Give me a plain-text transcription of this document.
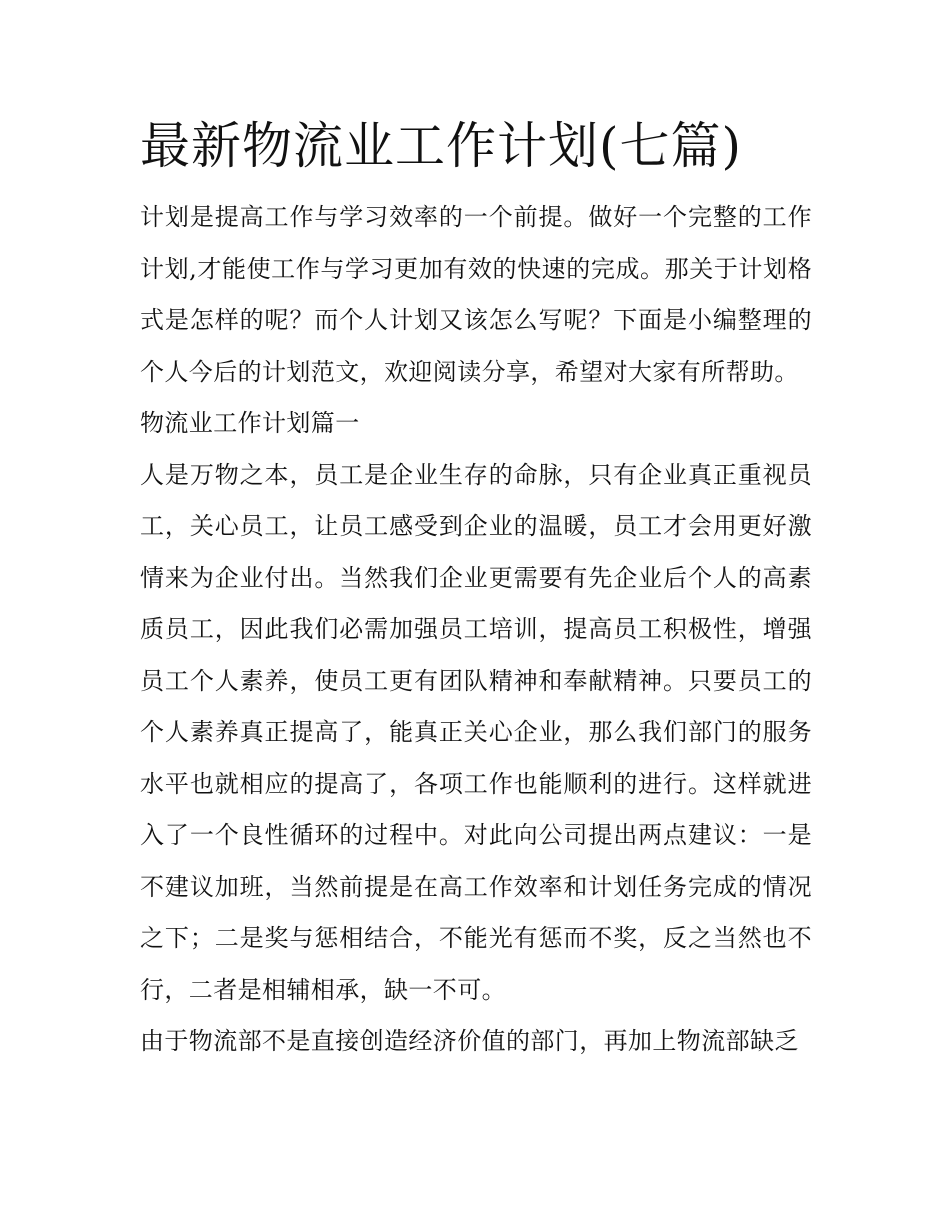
最新物流业工作计划(七篇)

计划是提高工作与学习效率的一个前提。做好一个完整的工作计划,才能使工作与学习更加有效的快速的完成。那关于计划格式是怎样的呢？而个人计划又该怎么写呢？下面是小编整理的个人今后的计划范文，欢迎阅读分享，希望对大家有所帮助。

物流业工作计划篇一

人是万物之本，员工是企业生存的命脉，只有企业真正重视员工，关心员工，让员工感受到企业的温暖，员工才会用更好激情来为企业付出。当然我们企业更需要有先企业后个人的高素质员工，因此我们必需加强员工培训，提高员工积极性，增强员工个人素养，使员工更有团队精神和奉献精神。只要员工的个人素养真正提高了，能真正关心企业，那么我们部门的服务水平也就相应的提高了，各项工作也能顺利的进行。这样就进入了一个良性循环的过程中。对此向公司提出两点建议：一是不建议加班，当然前提是在高工作效率和计划任务完成的情况之下；二是奖与惩相结合，不能光有惩而不奖，反之当然也不行，二者是相辅相承，缺一不可。

由于物流部不是直接创造经济价值的部门，再加上物流部缺乏
